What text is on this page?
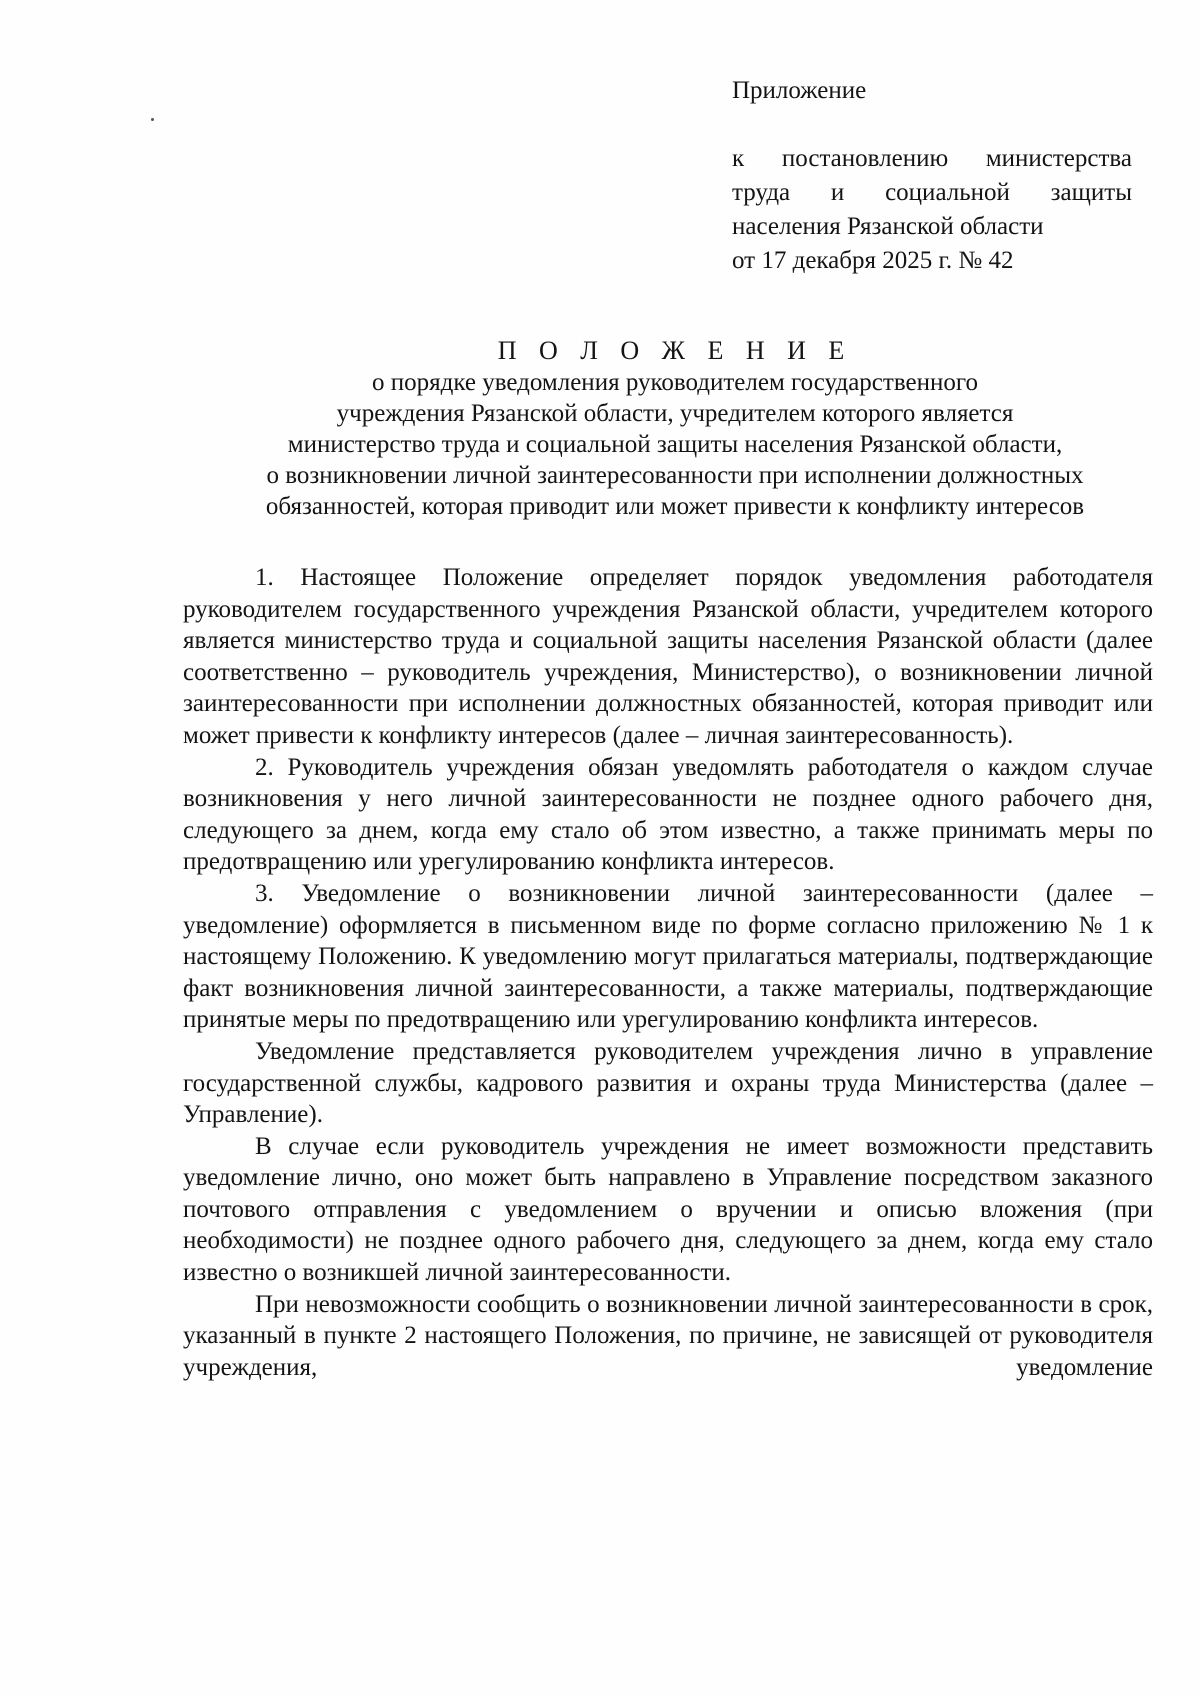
Приложение
к постановлению министерства
труда и социальной защиты
населения Рязанской области
от 17 декабря 2025 г. № 42
П О Л О Ж Е Н И Е
о порядке уведомления руководителем государственного
учреждения Рязанской области, учредителем которого является
министерство труда и социальной защиты населения Рязанской области,
о возникновении личной заинтересованности при исполнении должностных
обязанностей, которая приводит или может привести к конфликту интересов

1. Настоящее Положение определяет порядок уведомления работодателя руководителем государственного учреждения Рязанской области, учредителем которого является министерство труда и социальной защиты населения Рязанской области (далее соответственно – руководитель учреждения, Министерство), о возникновении личной заинтересованности при исполнении должностных обязанностей, которая приводит или может привести к конфликту интересов (далее – личная заинтересованность).

2. Руководитель учреждения обязан уведомлять работодателя о каждом случае возникновения у него личной заинтересованности не позднее одного рабочего дня, следующего за днем, когда ему стало об этом известно, а также принимать меры по предотвращению или урегулированию конфликта интересов.

3. Уведомление о возникновении личной заинтересованности (далее – уведомление) оформляется в письменном виде по форме согласно приложению № 1 к настоящему Положению. К уведомлению могут прилагаться материалы, подтверждающие факт возникновения личной заинтересованности, а также материалы, подтверждающие принятые меры по предотвращению или урегулированию конфликта интересов.

Уведомление представляется руководителем учреждения лично в управление государственной службы, кадрового развития и охраны труда Министерства (далее – Управление).

В случае если руководитель учреждения не имеет возможности представить уведомление лично, оно может быть направлено в Управление посредством заказного почтового отправления с уведомлением о вручении и описью вложения (при необходимости) не позднее одного рабочего дня, следующего за днем, когда ему стало известно о возникшей личной заинтересованности.

При невозможности сообщить о возникновении личной заинтересованности в срок, указанный в пункте 2 настоящего Положения, по причине, не зависящей от руководителя учреждения, уведомление
